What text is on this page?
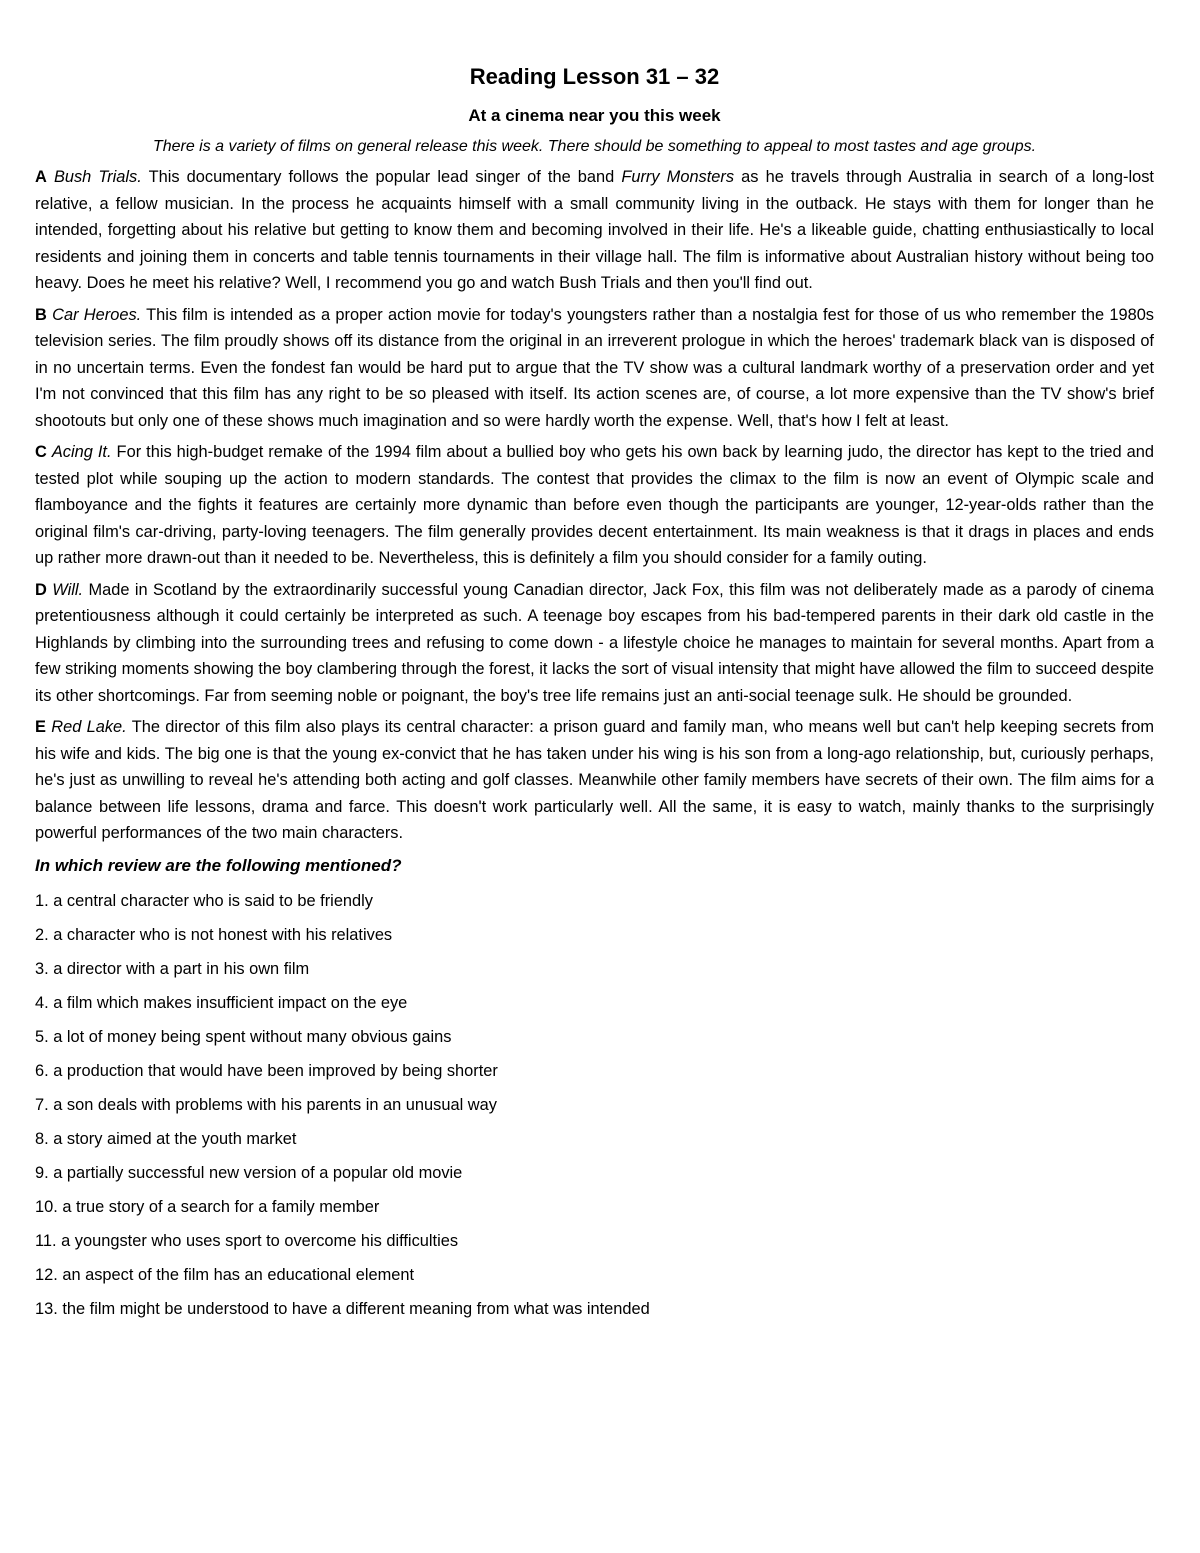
Reading Lesson 31 – 32
At a cinema near you this week

There is a variety of films on general release this week. There should be something to appeal to most tastes and age groups.

A Bush Trials. This documentary follows the popular lead singer of the band Furry Monsters as he travels through Australia in search of a long-lost relative, a fellow musician. In the process he acquaints himself with a small community living in the outback. He stays with them for longer than he intended, forgetting about his relative but getting to know them and becoming involved in their life. He's a likeable guide, chatting enthusiastically to local residents and joining them in concerts and table tennis tournaments in their village hall. The film is informative about Australian history without being too heavy. Does he meet his relative? Well, I recommend you go and watch Bush Trials and then you'll find out.

B Car Heroes. This film is intended as a proper action movie for today's youngsters rather than a nostalgia fest for those of us who remember the 1980s television series. The film proudly shows off its distance from the original in an irreverent prologue in which the heroes' trademark black van is disposed of in no uncertain terms. Even the fondest fan would be hard put to argue that the TV show was a cultural landmark worthy of a preservation order and yet I'm not convinced that this film has any right to be so pleased with itself. Its action scenes are, of course, a lot more expensive than the TV show's brief shootouts but only one of these shows much imagination and so were hardly worth the expense. Well, that's how I felt at least.

C Acing It. For this high-budget remake of the 1994 film about a bullied boy who gets his own back by learning judo, the director has kept to the tried and tested plot while souping up the action to modern standards. The contest that provides the climax to the film is now an event of Olympic scale and flamboyance and the fights it features are certainly more dynamic than before even though the participants are younger, 12-year-olds rather than the original film's car-driving, party-loving teenagers. The film generally provides decent entertainment. Its main weakness is that it drags in places and ends up rather more drawn-out than it needed to be. Nevertheless, this is definitely a film you should consider for a family outing.

D Will. Made in Scotland by the extraordinarily successful young Canadian director, Jack Fox, this film was not deliberately made as a parody of cinema pretentiousness although it could certainly be interpreted as such. A teenage boy escapes from his bad-tempered parents in their dark old castle in the Highlands by climbing into the surrounding trees and refusing to come down - a lifestyle choice he manages to maintain for several months. Apart from a few striking moments showing the boy clambering through the forest, it lacks the sort of visual intensity that might have allowed the film to succeed despite its other shortcomings. Far from seeming noble or poignant, the boy's tree life remains just an anti-social teenage sulk. He should be grounded.

E Red Lake. The director of this film also plays its central character: a prison guard and family man, who means well but can't help keeping secrets from his wife and kids. The big one is that the young ex-convict that he has taken under his wing is his son from a long-ago relationship, but, curiously perhaps, he's just as unwilling to reveal he's attending both acting and golf classes. Meanwhile other family members have secrets of their own. The film aims for a balance between life lessons, drama and farce. This doesn't work particularly well. All the same, it is easy to watch, mainly thanks to the surprisingly powerful performances of the two main characters.

In which review are the following mentioned?

1. a central character who is said to be friendly
2. a character who is not honest with his relatives
3. a director with a part in his own film
4. a film which makes insufficient impact on the eye
5. a lot of money being spent without many obvious gains
6. a production that would have been improved by being shorter
7. a son deals with problems with his parents in an unusual way
8. a story aimed at the youth market
9. a partially successful new version of a popular old movie
10. a true story of a search for a family member
11. a youngster who uses sport to overcome his difficulties
12. an aspect of the film has an educational element
13. the film might be understood to have a different meaning from what was intended
